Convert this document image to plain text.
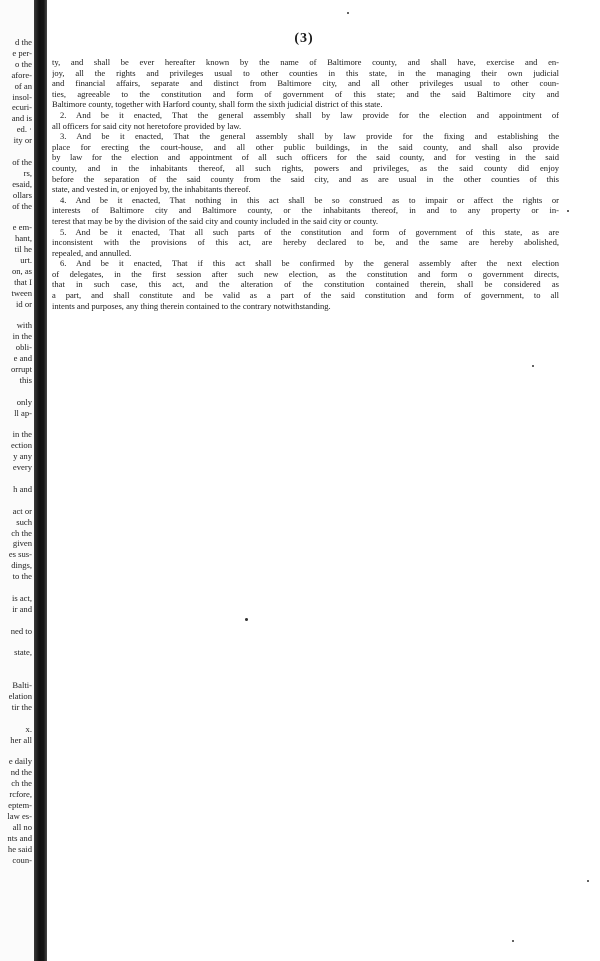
d the
e per-
o the
afore-
of an
insol-
ecuri-
and is
ed. ·
ity or
of the
rs,
esaid,
ollars
of the
e em-
hant,
til he
urt.
on, as
that I
tween
id or
with
in the
obli-
e and
orrupt
this
only
ll ap-
in the
ection
y any
every
h and
act or
such
ch the
given
es sus-
dings,
to the
is act,
ir and
ned to
state,
Balti-
elation
tir the
x.
her all
e daily
nd the
ch the
rcfore,
eptem-
law es-
all no
nts and
he said
coun-
(3)
ty, and shall be ever hereafter known by the name of Baltimore county, and shall have, exercise and en-
joy, all the rights and privileges usual to other counties in this state, in the managing their own judicial
and financial affairs, separate and distinct from Baltimore city, and all other privileges usual to other coun-
ties, agreeable to the constitution and form of government of this state; and the said Baltimore city and
Baltimore county, together with Harford county, shall form the sixth judicial district of this state.
2. And be it enacted, That the general assembly shall by law provide for the election and appointment of
all officers for said city not heretofore provided by law.
3. And be it enacted, That the general assembly shall by law provide for the fixing and establishing the
place for erecting the court-house, and all other public buildings, in the said county, and shall also provide
by law for the election and appointment of all such officers for the said county, and for vesting in the said
county, and in the inhabitants thereof, all such rights, powers and privileges, as the said county did enjoy
before the separation of the said county from the said city, and as are usual in the other counties of this
state, and vested in, or enjoyed by, the inhabitants thereof.
4. And be it enacted, That nothing in this act shall be so construed as to impair or affect the rights or
interests of Baltimore city and Baltimore county, or the inhabitants thereof, in and to any property or in-
terest that may be by the division of the said city and county included in the said city or county.
5. And be it enacted, That all such parts of the constitution and form of government of this state, as are
inconsistent with the provisions of this act, are hereby declared to be, and the same are hereby abolished,
repealed, and annulled.
6. And be it enacted, That if this act shall be confirmed by the general assembly after the next election
of delegates, in the first session after such new election, as the constitution and form o government directs,
that in such case, this act, and the alteration of the constitution contained therein, shall be considered as
a part, and shall constitute and be valid as a part of the said constitution and form of government, to all
intents and purposes, any thing therein contained to the contrary notwithstanding.
